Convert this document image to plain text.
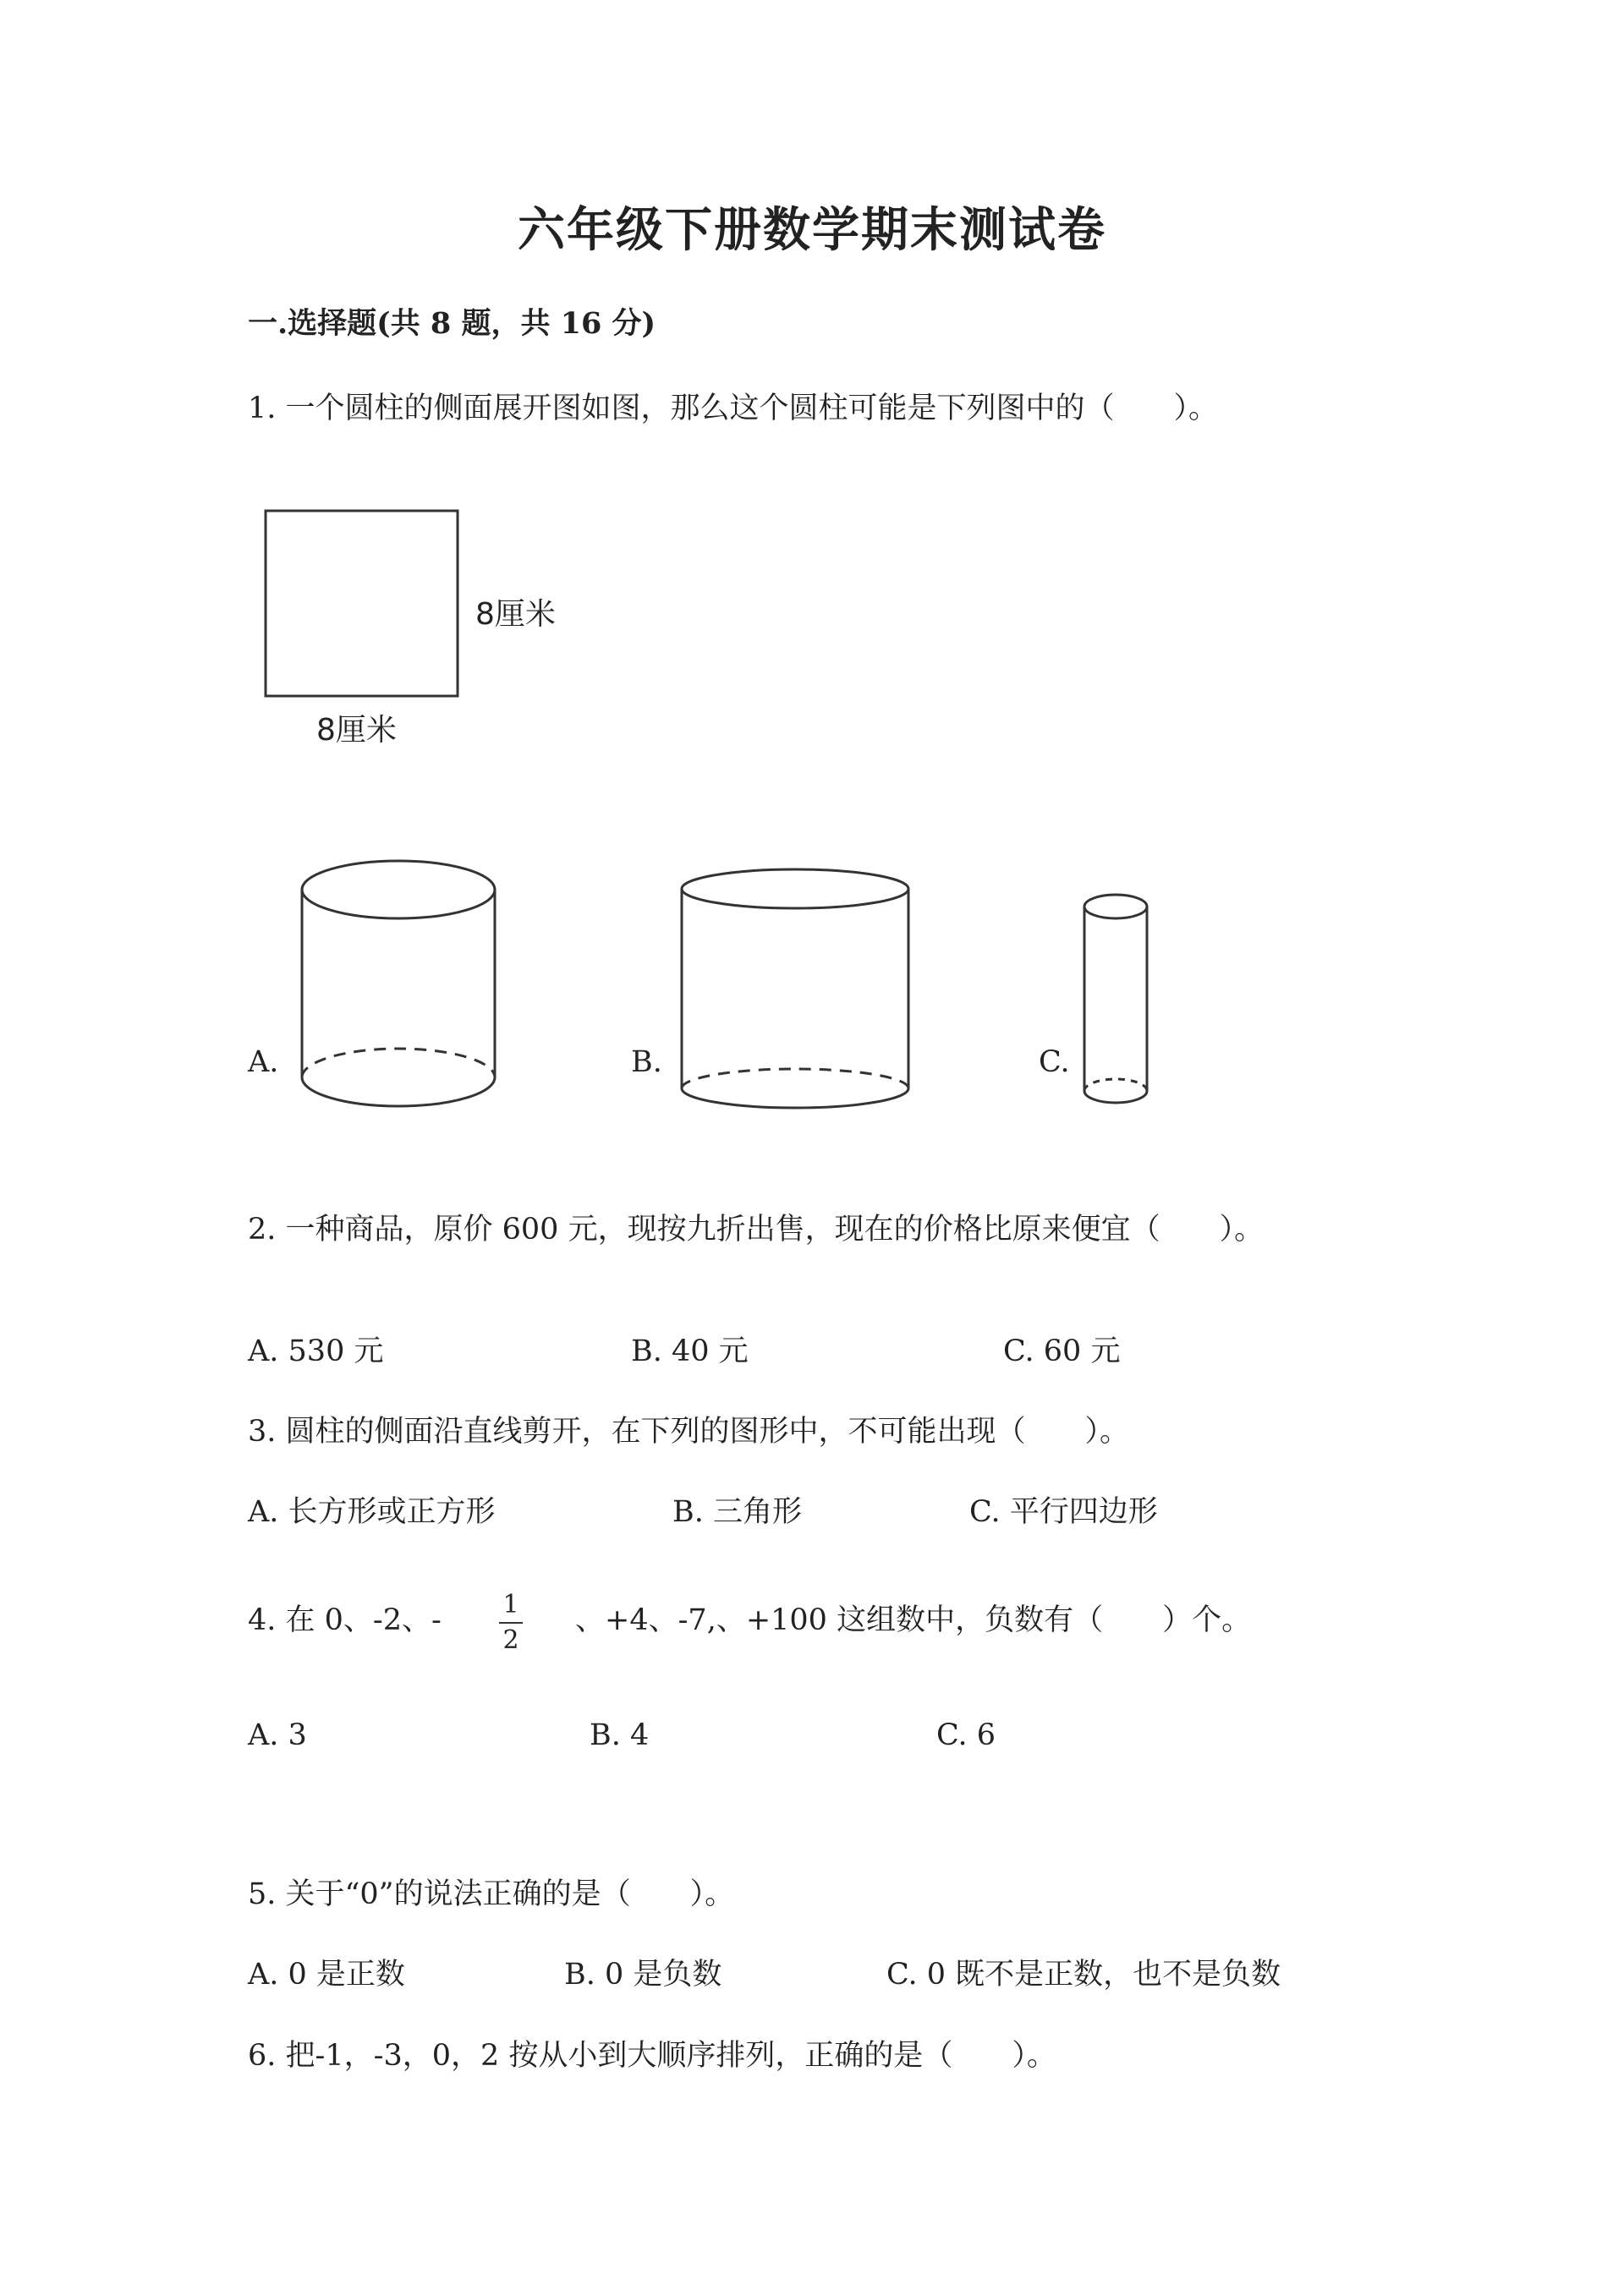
六年级下册数学期末测试卷
一.选择题(共 8 题，共 16 分)
1. 一个圆柱的侧面展开图如图，那么这个圆柱可能是下列图中的（　　）。
8厘米
8厘米
A.	B.	C.
2. 一种商品，原价 600 元，现按九折出售，现在的价格比原来便宜（　　）。
A. 530 元	B. 40 元	C. 60 元
3. 圆柱的侧面沿直线剪开，在下列的图形中，不可能出现（　　）。
A. 长方形或正方形	B. 三角形	C. 平行四边形
4. 在 0、-2、-	1
2
、+4、-7,、+100 这组数中，负数有（　　）个。
A. 3	B. 4	C. 6
5. 关于“0”的说法正确的是（　　）。
A. 0 是正数	B. 0 是负数	C. 0 既不是正数，也不是负数
6. 把-1，-3，0，2 按从小到大顺序排列，正确的是（　　）。
